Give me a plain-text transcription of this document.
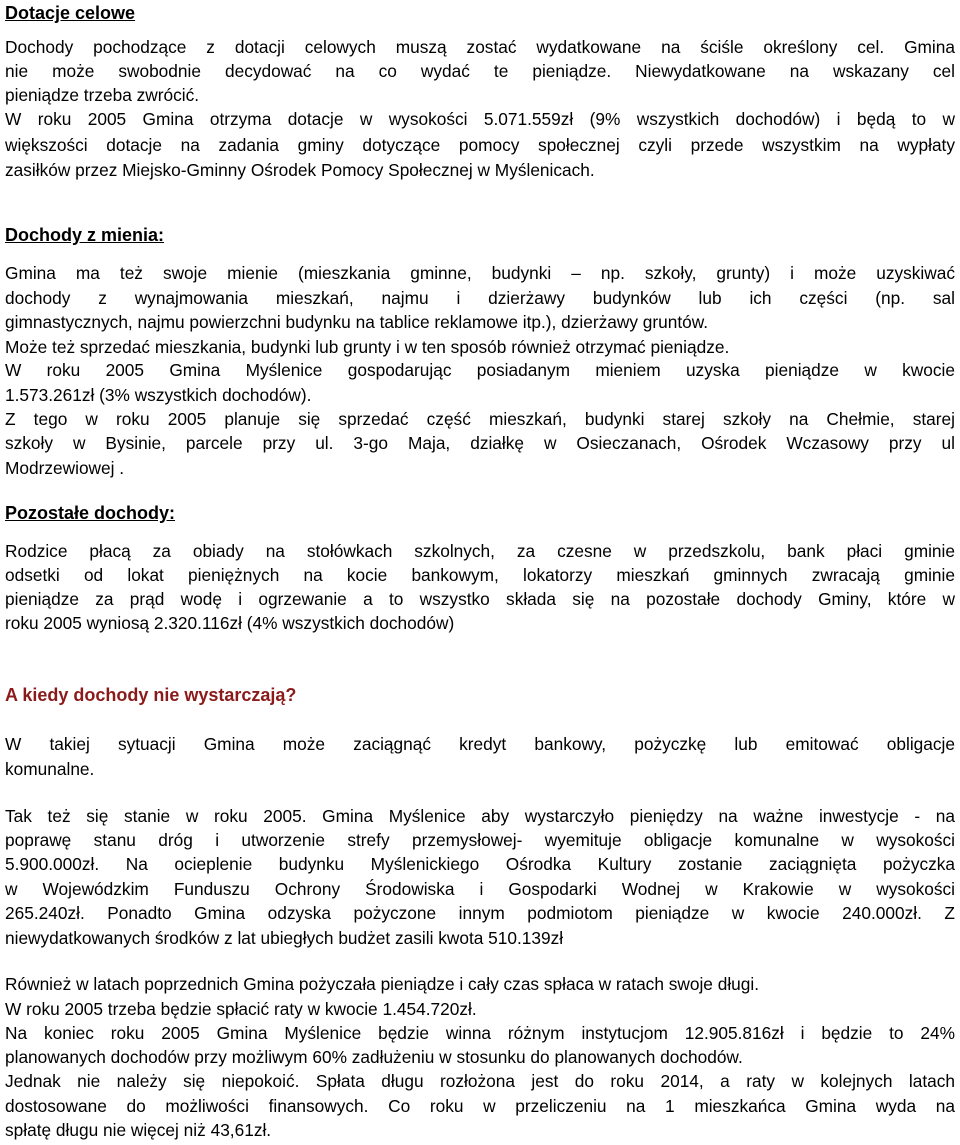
Dotacje celowe
Dochody pochodzące z dotacji celowych muszą zostać wydatkowane na ściśle określony cel. Gmina
nie może swobodnie decydować na co wydać te pieniądze. Niewydatkowane na wskazany cel
pieniądze trzeba zwrócić.
W roku 2005 Gmina otrzyma dotacje w wysokości 5.071.559zł (9% wszystkich dochodów) i będą to w
większości dotacje na zadania gminy dotyczące pomocy społecznej czyli przede wszystkim na wypłaty
zasiłków przez Miejsko-Gminny Ośrodek Pomocy Społecznej w Myślenicach.
Dochody z mienia:
Gmina ma też swoje mienie (mieszkania gminne, budynki – np. szkoły, grunty) i może uzyskiwać
dochody z wynajmowania mieszkań, najmu i dzierżawy budynków lub ich części (np. sal
gimnastycznych, najmu powierzchni budynku na tablice reklamowe itp.), dzierżawy gruntów.
Może też sprzedać mieszkania, budynki lub grunty i w ten sposób również otrzymać pieniądze.
W roku 2005 Gmina Myślenice gospodarując posiadanym mieniem uzyska pieniądze w kwocie
1.573.261zł (3% wszystkich dochodów).
Z tego w roku 2005 planuje się sprzedać część mieszkań, budynki starej szkoły na Chełmie, starej
szkoły w Bysinie, parcele przy ul. 3-go Maja, działkę w Osieczanach, Ośrodek Wczasowy przy ul
Modrzewiowej .
Pozostałe dochody:
Rodzice płacą za obiady na stołówkach szkolnych, za czesne w przedszkolu, bank płaci gminie
odsetki od lokat pieniężnych na kocie bankowym, lokatorzy mieszkań gminnych zwracają gminie
pieniądze za prąd wodę i ogrzewanie a to wszystko składa się na pozostałe dochody Gminy, które w
roku 2005 wyniosą 2.320.116zł (4% wszystkich dochodów)
A kiedy dochody nie wystarczają?
W takiej sytuacji Gmina może zaciągnąć kredyt bankowy, pożyczkę lub emitować obligacje
komunalne.
Tak też się stanie w roku 2005. Gmina Myślenice aby wystarczyło pieniędzy na ważne inwestycje - na
poprawę stanu dróg i utworzenie strefy przemysłowej- wyemituje obligacje komunalne w wysokości
5.900.000zł. Na ocieplenie budynku Myślenickiego Ośrodka Kultury zostanie zaciągnięta pożyczka
w Wojewódzkim Funduszu Ochrony Środowiska i Gospodarki Wodnej w Krakowie w wysokości
265.240zł. Ponadto Gmina odzyska pożyczone innym podmiotom pieniądze w kwocie 240.000zł. Z
niewydatkowanych środków z lat ubiegłych budżet zasili kwota 510.139zł
Również w latach poprzednich Gmina pożyczała pieniądze i cały czas spłaca w ratach swoje długi.
W roku 2005 trzeba będzie spłacić raty w kwocie 1.454.720zł.
Na koniec roku 2005 Gmina Myślenice będzie winna różnym instytucjom 12.905.816zł i będzie to 24%
planowanych dochodów przy możliwym 60% zadłużeniu w stosunku do planowanych dochodów.
Jednak nie należy się niepokoić. Spłata długu rozłożona jest do roku 2014, a raty w kolejnych latach
dostosowane do możliwości finansowych. Co roku w przeliczeniu na 1 mieszkańca Gmina wyda na
spłatę długu nie więcej niż 43,61zł.
